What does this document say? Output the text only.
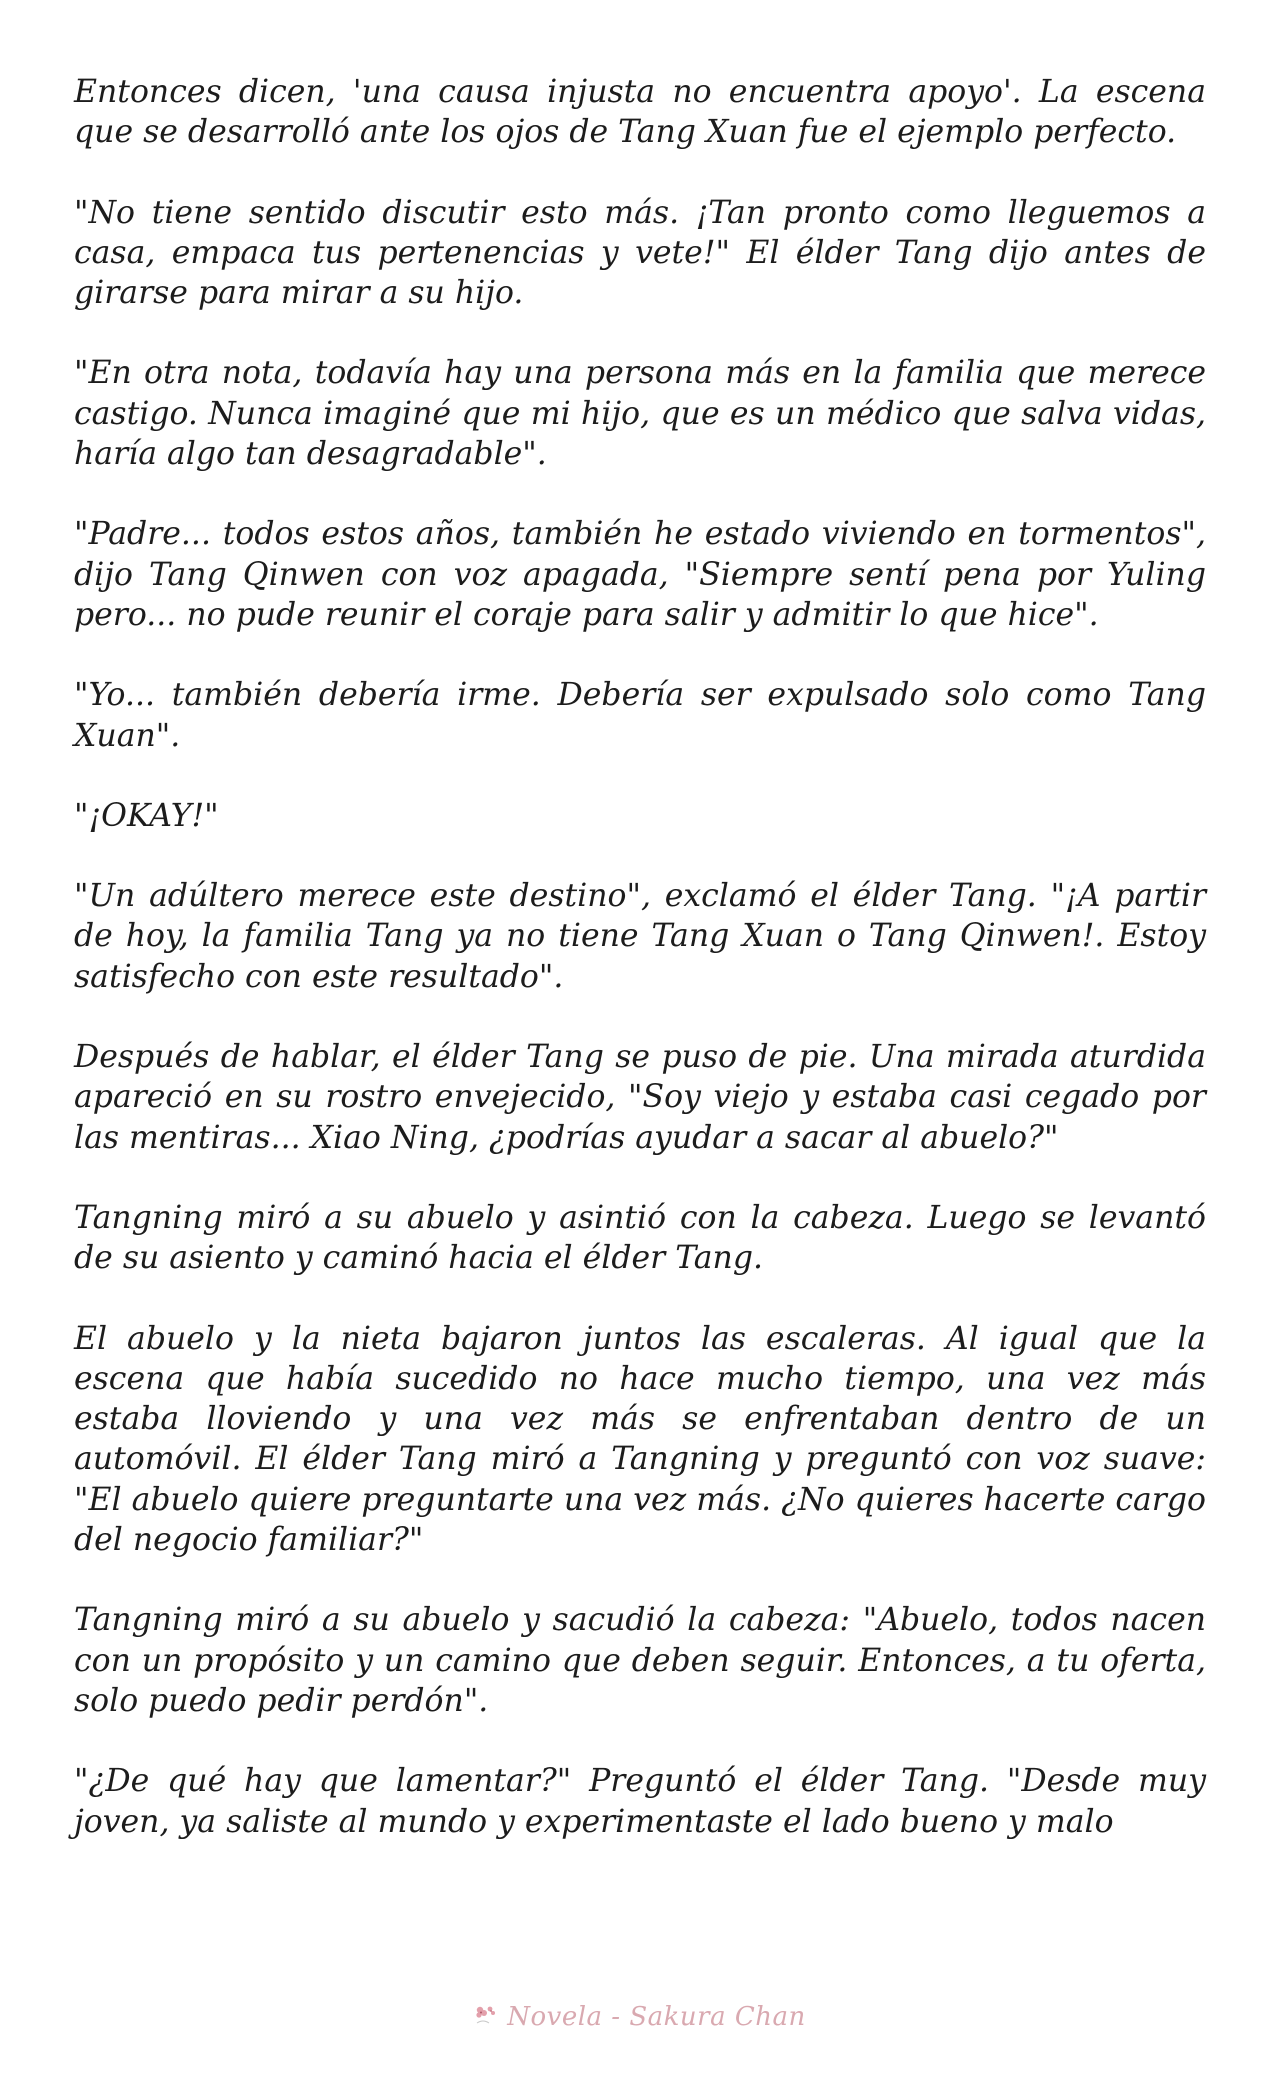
Entonces dicen, 'una causa injusta no encuentra apoyo'. La escena que se desarrolló ante los ojos de Tang Xuan fue el ejemplo perfecto.

"No tiene sentido discutir esto más. ¡Tan pronto como lleguemos a casa, empaca tus pertenencias y vete!" El élder Tang dijo antes de girarse para mirar a su hijo.

"En otra nota, todavía hay una persona más en la familia que merece castigo. Nunca imaginé que mi hijo, que es un médico que salva vidas, haría algo tan desagradable".

"Padre... todos estos años, también he estado viviendo en tormentos", dijo Tang Qinwen con voz apagada, "Siempre sentí pena por Yuling pero... no pude reunir el coraje para salir y admitir lo que hice".

"Yo... también debería irme. Debería ser expulsado solo como Tang Xuan".

"¡OKAY!"

"Un adúltero merece este destino", exclamó el élder Tang. "¡A partir de hoy, la familia Tang ya no tiene Tang Xuan o Tang Qinwen!. Estoy satisfecho con este resultado".

Después de hablar, el élder Tang se puso de pie. Una mirada aturdida apareció en su rostro envejecido, "Soy viejo y estaba casi cegado por las mentiras... Xiao Ning, ¿podrías ayudar a sacar al abuelo?"

Tangning miró a su abuelo y asintió con la cabeza. Luego se levantó de su asiento y caminó hacia el élder Tang.

El abuelo y la nieta bajaron juntos las escaleras. Al igual que la escena que había sucedido no hace mucho tiempo, una vez más estaba lloviendo y una vez más se enfrentaban dentro de un automóvil. El élder Tang miró a Tangning y preguntó con voz suave: "El abuelo quiere preguntarte una vez más. ¿No quieres hacerte cargo del negocio familiar?"

Tangning miró a su abuelo y sacudió la cabeza: "Abuelo, todos nacen con un propósito y un camino que deben seguir. Entonces, a tu oferta, solo puedo pedir perdón".

"¿De qué hay que lamentar?" Preguntó el élder Tang. "Desde muy joven, ya saliste al mundo y experimentaste el lado bueno y malo

Novela - Sakura Chan
